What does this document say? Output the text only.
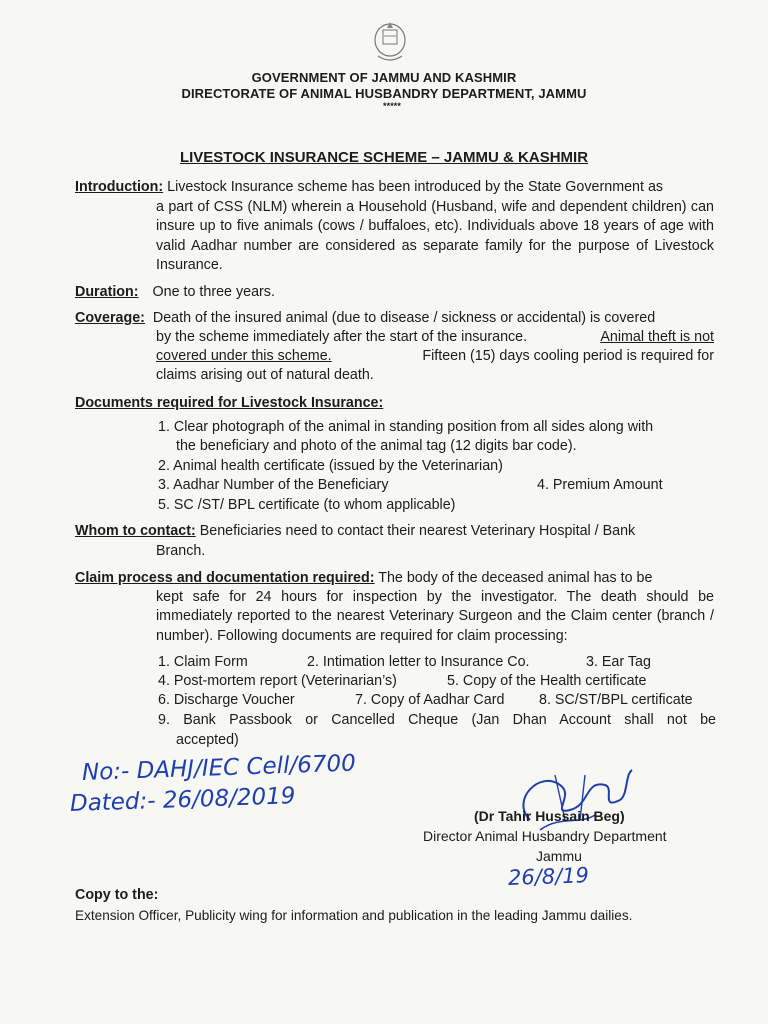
GOVERNMENT OF JAMMU AND KASHMIR
DIRECTORATE OF ANIMAL HUSBANDRY DEPARTMENT, JAMMU
*****
LIVESTOCK INSURANCE SCHEME – JAMMU & KASHMIR
Introduction: Livestock Insurance scheme has been introduced by the State Government as
a part of CSS (NLM) wherein a Household (Husband, wife and dependent children) can insure up to five animals (cows / buffaloes, etc). Individuals above 18 years of age with valid Aadhar number are considered as separate family for the purpose of Livestock Insurance.
Duration: One to three years.
Coverage: Death of the insured animal (due to disease / sickness or accidental) is covered
by the scheme immediately after the start of the insurance.	Animal theft is not
covered under this scheme.	Fifteen (15) days cooling period is required for
claims arising out of natural death.
Documents required for Livestock Insurance:
1. Clear photograph of the animal in standing position from all sides along with
the beneficiary and photo of the animal tag (12 digits bar code).
2. Animal health certificate (issued by the Veterinarian)
3. Aadhar Number of the Beneficiary	4. Premium Amount
5. SC /ST/ BPL certificate (to whom applicable)
Whom to contact: Beneficiaries need to contact their nearest Veterinary Hospital / Bank
Branch.
Claim process and documentation required: The body of the deceased animal has to be
kept safe for 24 hours for inspection by the investigator. The death should be immediately reported to the nearest Veterinary Surgeon and the Claim center (branch / number). Following documents are required for claim processing:
1. Claim Form	2. Intimation letter to Insurance Co.	3. Ear Tag
4. Post-mortem report (Veterinarian’s)	5. Copy of the Health certificate
6. Discharge Voucher	7. Copy of Aadhar Card 8. SC/ST/BPL certificate
9. Bank Passbook or Cancelled Cheque (Jan Dhan Account shall not be
accepted)
No:- DAHJ/IEC Cell/6700
Dated:- 26/08/2019	(Dr Tahir Hussain Beg)
Director Animal Husbandry Department
Jammu
26/8/19
Copy to the:
Extension Officer, Publicity wing for information and publication in the leading Jammu dailies.
